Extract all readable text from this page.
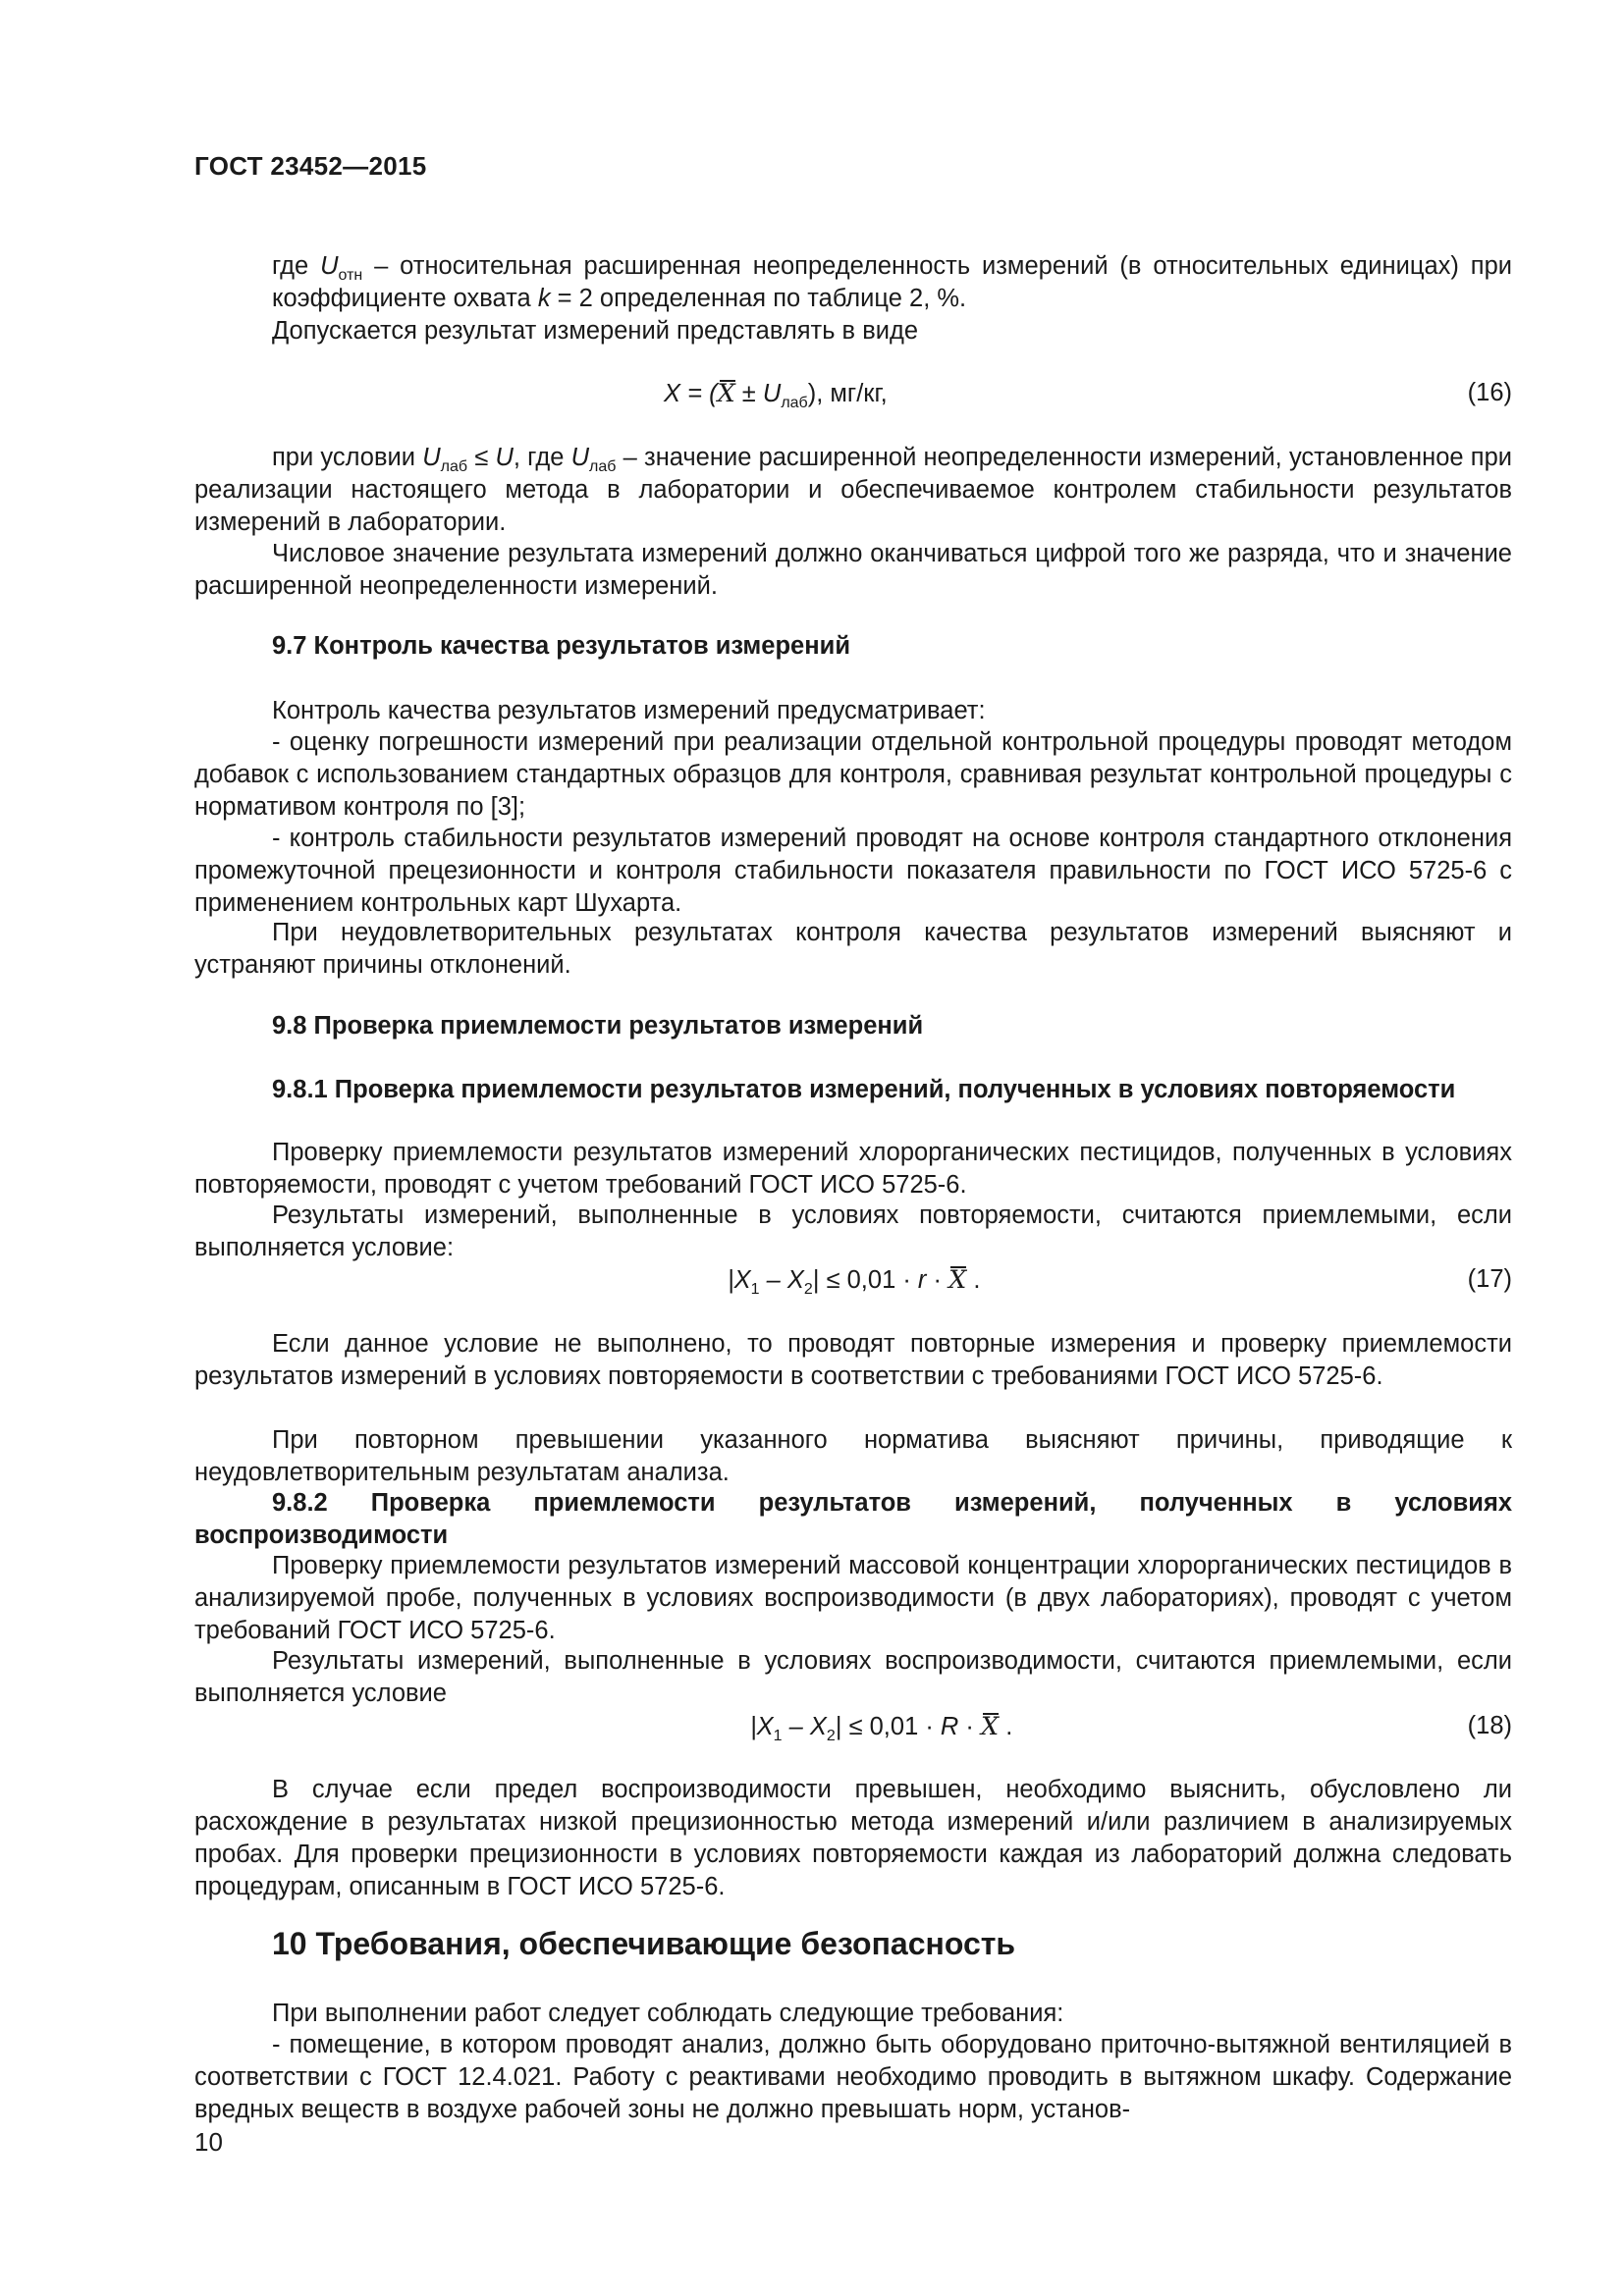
ГОСТ 23452—2015
где $U_{отн}$ – относительная расширенная неопределенность измерений (в относительных единицах) при коэффициенте охвата k = 2 определенная по таблице 2, %.
Допускается результат измерений представлять в виде
$X = (X \pm U_{лаб})$, мг/кг,	(16)
при условии $U_{лаб} \le U$, где $U_{лаб}$ – значение расширенной неопределенности измерений, установленное при реализации настоящего метода в лаборатории и обеспечиваемое контролем стабильности результатов измерений в лаборатории.
Числовое значение результата измерений должно оканчиваться цифрой того же разряда, что и значение расширенной неопределенности измерений.
9.7 Контроль качества результатов измерений
Контроль качества результатов измерений предусматривает:
- оценку погрешности измерений при реализации отдельной контрольной процедуры проводят методом добавок с использованием стандартных образцов для контроля, сравнивая результат контрольной процедуры с нормативом контроля по [3];
- контроль стабильности результатов измерений проводят на основе контроля стандартного отклонения промежуточной прецезионности и контроля стабильности показателя правильности по ГОСТ ИСО 5725-6 с применением контрольных карт Шухарта.
При неудовлетворительных результатах контроля качества результатов измерений выясняют и устраняют причины отклонений.
9.8 Проверка приемлемости результатов измерений
9.8.1 Проверка приемлемости результатов измерений, полученных в условиях повторяемости
Проверку приемлемости результатов измерений хлорорганических пестицидов, полученных в условиях повторяемости, проводят с учетом требований ГОСТ ИСО 5725-6.
Результаты измерений, выполненные в условиях повторяемости, считаются приемлемыми, если выполняется условие:
$|X_1 - X_2| \le 0,01 \cdot r \cdot X$ .	(17)
Если данное условие не выполнено, то проводят повторные измерения и проверку приемлемости результатов измерений в условиях повторяемости в соответствии с требованиями ГОСТ ИСО 5725-6.
При повторном превышении указанного норматива выясняют причины, приводящие к неудовлетворительным результатам анализа.
9.8.2 Проверка приемлемости результатов измерений, полученных в условиях воспроизводимости
Проверку приемлемости результатов измерений массовой концентрации хлорорганических пестицидов в анализируемой пробе, полученных в условиях воспроизводимости (в двух лабораториях), проводят с учетом требований ГОСТ ИСО 5725-6.
Результаты измерений, выполненные в условиях воспроизводимости, считаются приемлемыми, если выполняется условие
$|X_1 - X_2| \le 0,01 \cdot R \cdot X$ .	(18)
В случае если предел воспроизводимости превышен, необходимо выяснить, обусловлено ли расхождение в результатах низкой прецизионностью метода измерений и/или различием в анализируемых пробах. Для проверки прецизионности в условиях повторяемости каждая из лабораторий должна следовать процедурам, описанным в ГОСТ ИСО 5725-6.
10 Требования, обеспечивающие безопасность
При выполнении работ следует соблюдать следующие требования:
- помещение, в котором проводят анализ, должно быть оборудовано приточно-вытяжной вентиляцией в соответствии с ГОСТ 12.4.021. Работу с реактивами необходимо проводить в вытяжном шкафу. Содержание вредных веществ в воздухе рабочей зоны не должно превышать норм, установ-
10
